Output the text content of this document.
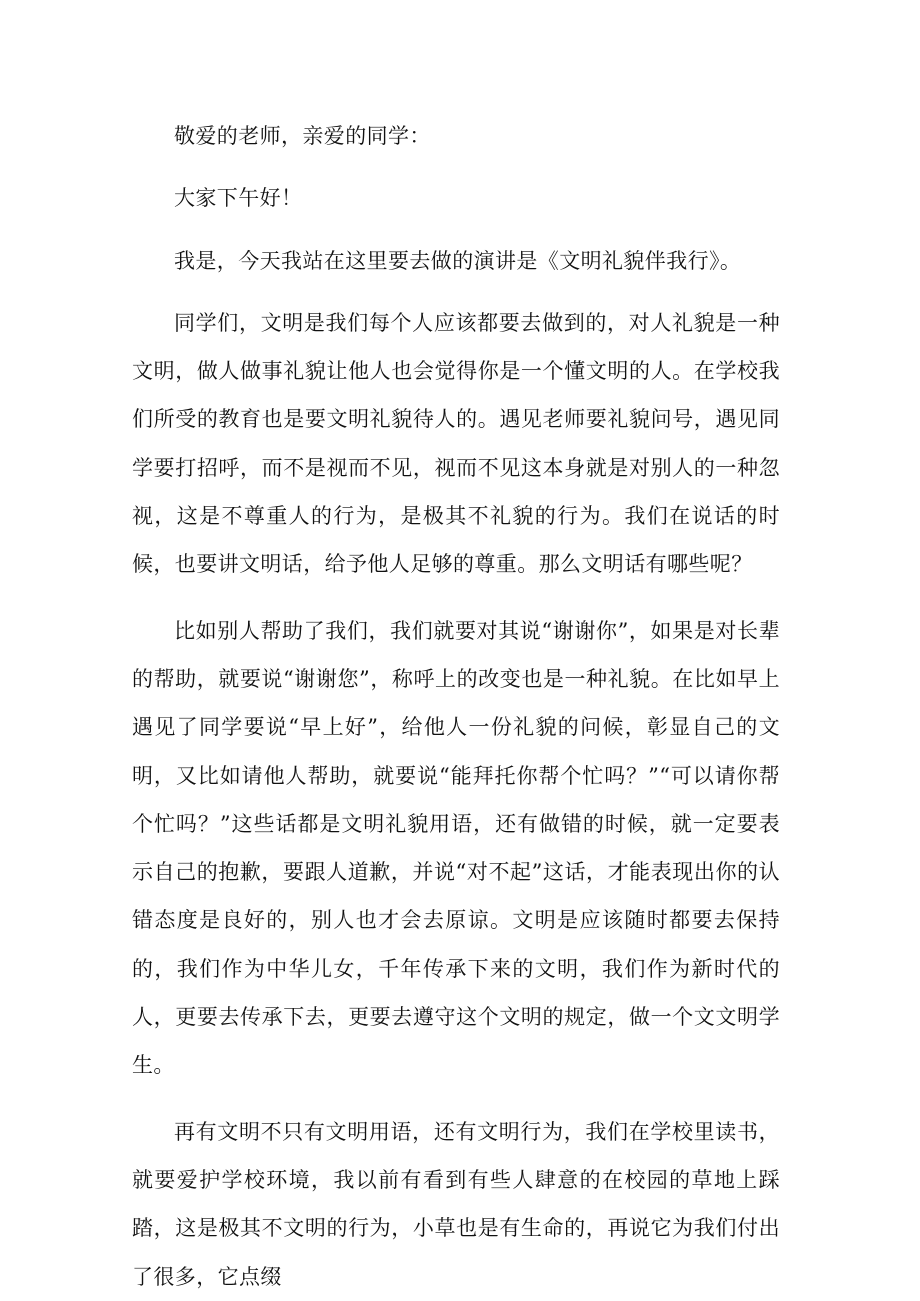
敬爱的老师，亲爱的同学：

大家下午好！

我是，今天我站在这里要去做的演讲是《文明礼貌伴我行》。

同学们，文明是我们每个人应该都要去做到的，对人礼貌是一种文明，做人做事礼貌让他人也会觉得你是一个懂文明的人。在学校我们所受的教育也是要文明礼貌待人的。遇见老师要礼貌问号，遇见同学要打招呼，而不是视而不见，视而不见这本身就是对别人的一种忽视，这是不尊重人的行为，是极其不礼貌的行为。我们在说话的时候，也要讲文明话，给予他人足够的尊重。那么文明话有哪些呢？

比如别人帮助了我们，我们就要对其说“谢谢你”，如果是对长辈的帮助，就要说“谢谢您”，称呼上的改变也是一种礼貌。在比如早上遇见了同学要说“早上好”，给他人一份礼貌的问候，彰显自己的文明，又比如请他人帮助，就要说“能拜托你帮个忙吗？”“可以请你帮个忙吗？”这些话都是文明礼貌用语，还有做错的时候，就一定要表示自己的抱歉，要跟人道歉，并说“对不起”这话，才能表现出你的认错态度是良好的，别人也才会去原谅。文明是应该随时都要去保持的，我们作为中华儿女，千年传承下来的文明，我们作为新时代的人，更要去传承下去，更要去遵守这个文明的规定，做一个文文明学生。

再有文明不只有文明用语，还有文明行为，我们在学校里读书，就要爱护学校环境，我以前有看到有些人肆意的在校园的草地上踩踏，这是极其不文明的行为，小草也是有生命的，再说它为我们付出了很多，它点缀
